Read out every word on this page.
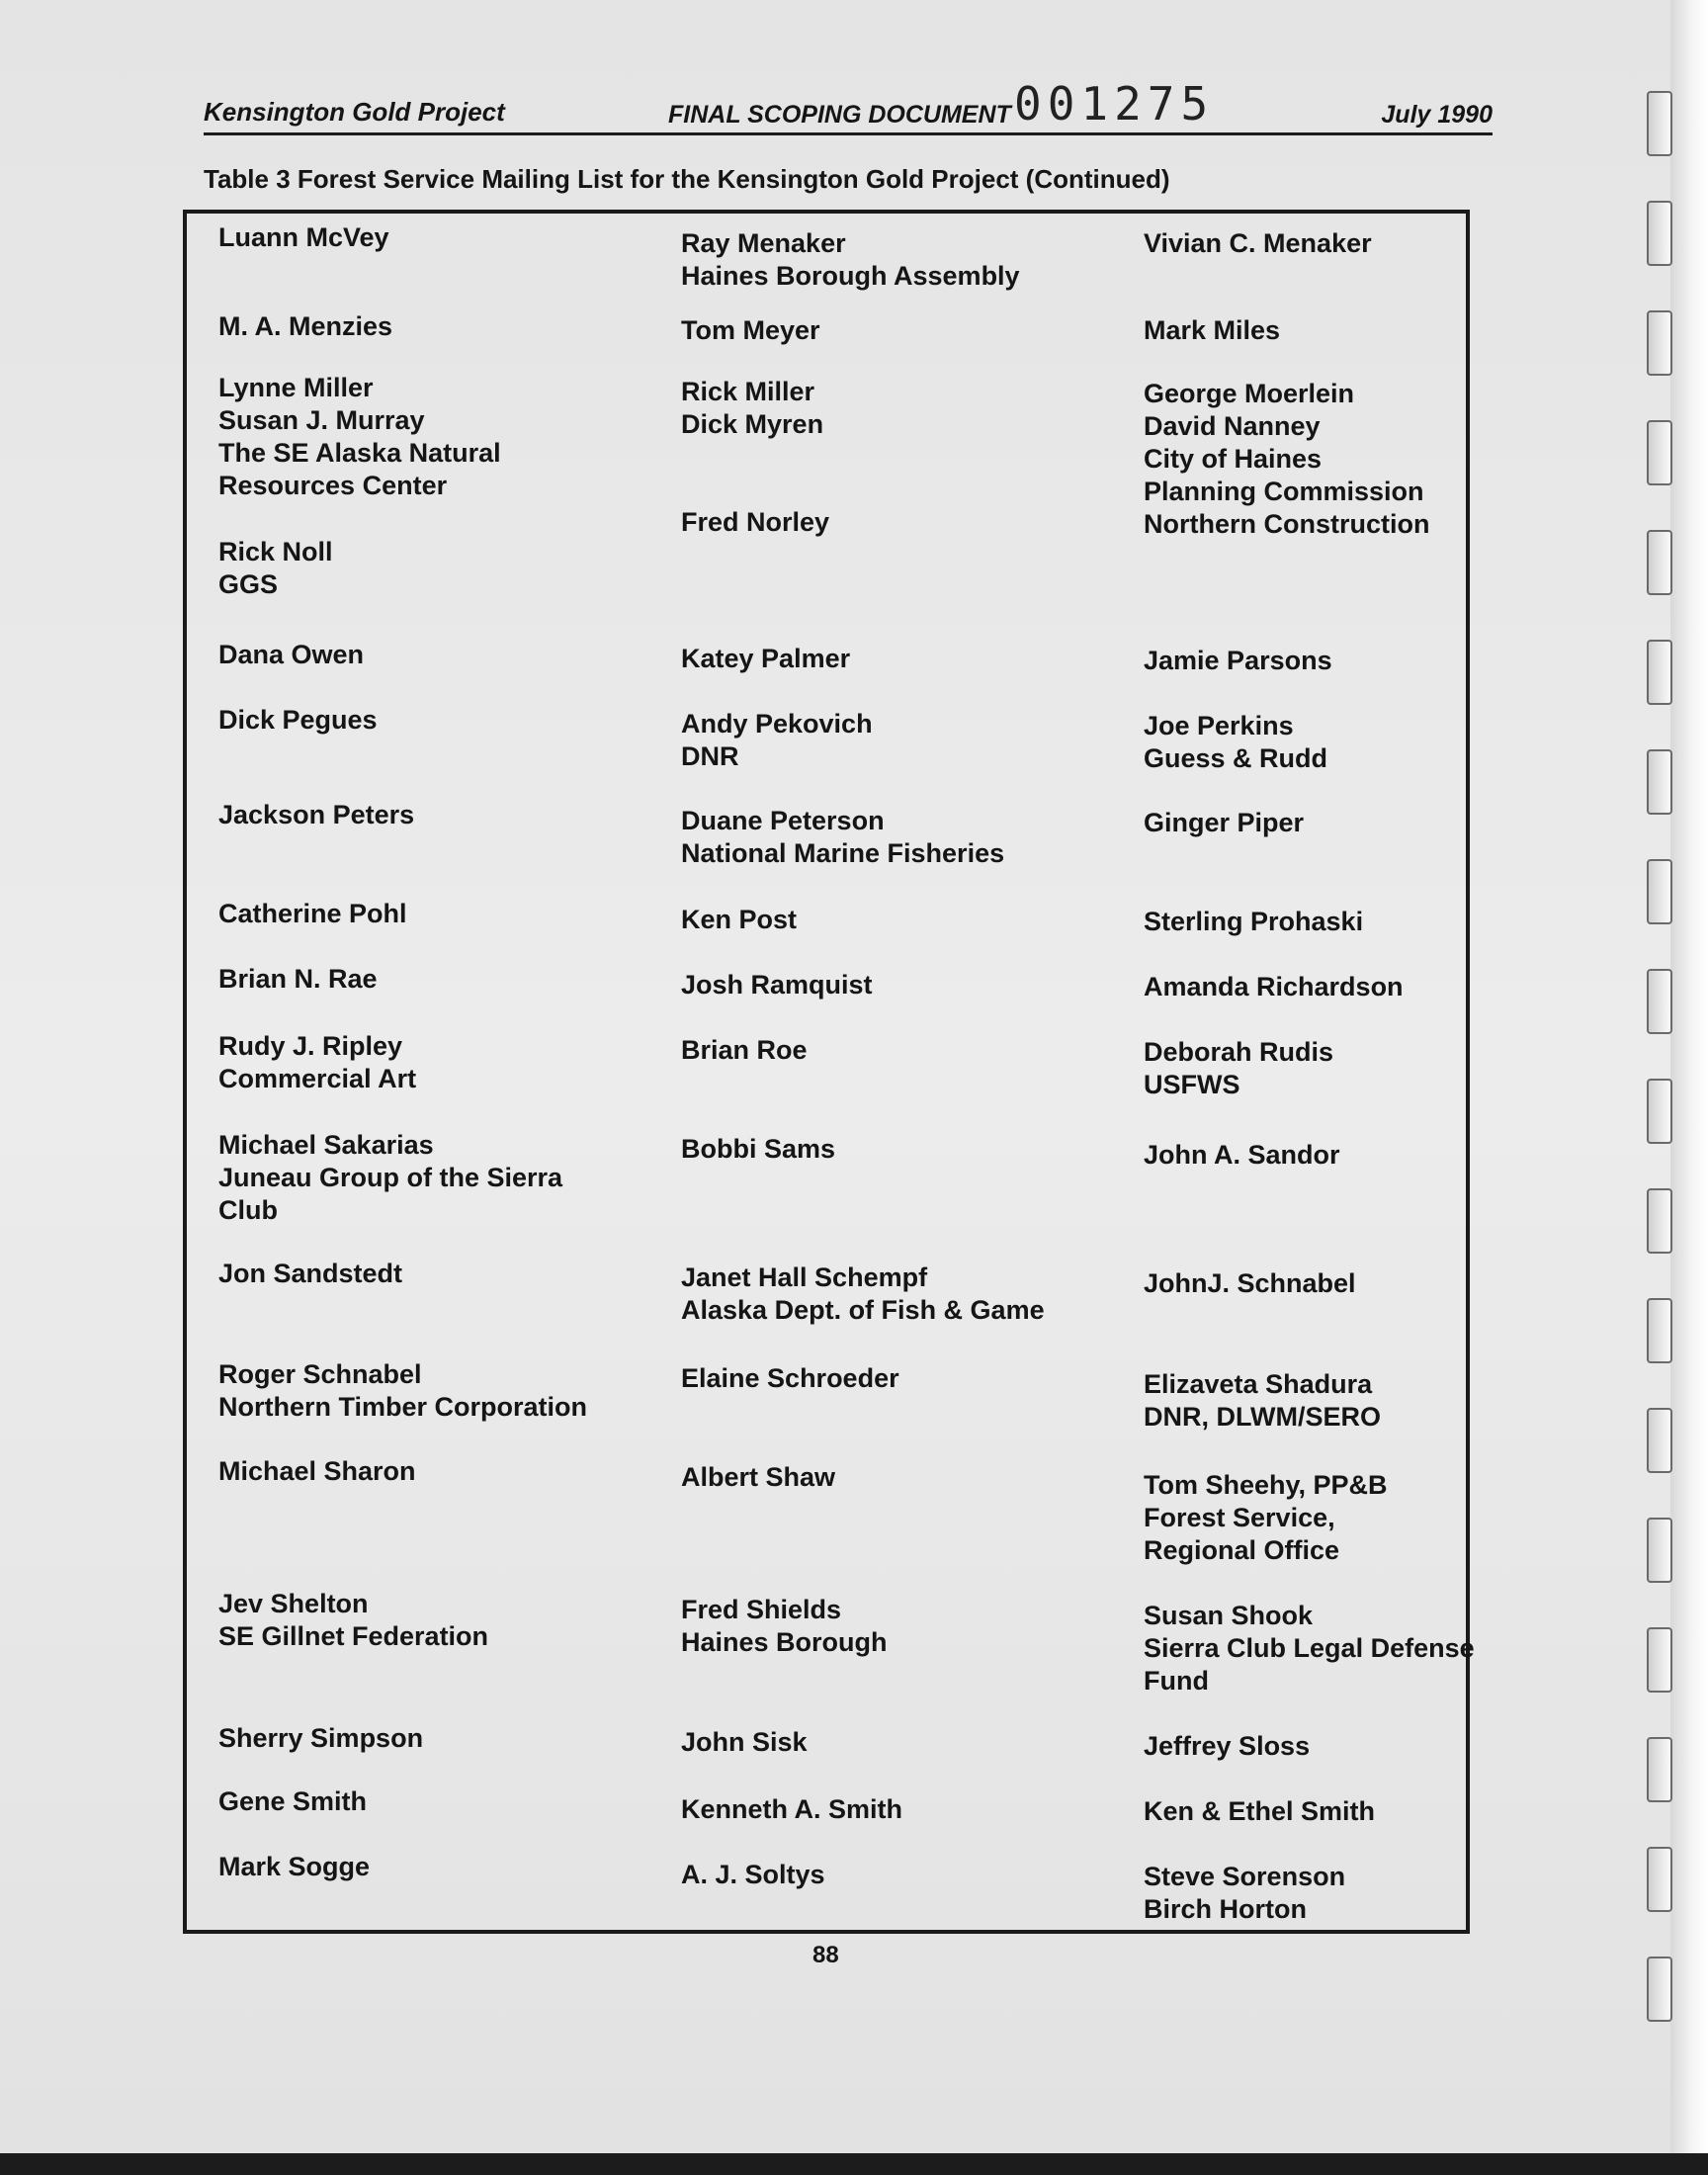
Kensington Gold Project	FINAL SCOPING DOCUMENT	July 1990
001275
Table 3 Forest Service Mailing List for the Kensington Gold Project (Continued)
Luann McVey
M. A. Menzies
Lynne Miller
Susan J. Murray
The SE Alaska Natural
Resources Center
Rick Noll
GGS
Dana Owen
Dick Pegues
Jackson Peters
Catherine Pohl
Brian N. Rae
Rudy J. Ripley
Commercial Art
Michael Sakarias
Juneau Group of the Sierra
Club
Jon Sandstedt
Roger Schnabel
Northern Timber Corporation
Michael Sharon
Jev Shelton
SE Gillnet Federation
Sherry Simpson
Gene Smith
Mark Sogge
Ray Menaker
Haines Borough Assembly
Tom Meyer
Rick Miller
Dick Myren
Fred Norley
Katey Palmer
Andy Pekovich
DNR
Duane Peterson
National Marine Fisheries
Ken Post
Josh Ramquist
Brian Roe
Bobbi Sams
Janet Hall Schempf
Alaska Dept. of Fish & Game
Elaine Schroeder
Albert Shaw
Fred Shields
Haines Borough
John Sisk
Kenneth A. Smith
A. J. Soltys
Vivian C. Menaker
Mark Miles
George Moerlein
David Nanney
City of Haines
Planning Commission
Northern Construction
Jamie Parsons
Joe Perkins
Guess & Rudd
Ginger Piper
Sterling Prohaski
Amanda Richardson
Deborah Rudis
USFWS
John A. Sandor
JohnJ. Schnabel
Elizaveta Shadura
DNR, DLWM/SERO
Tom Sheehy, PP&B
Forest Service,
Regional Office
Susan Shook
Sierra Club Legal Defense
Fund
Jeffrey Sloss
Ken & Ethel Smith
Steve Sorenson
Birch Horton
88
